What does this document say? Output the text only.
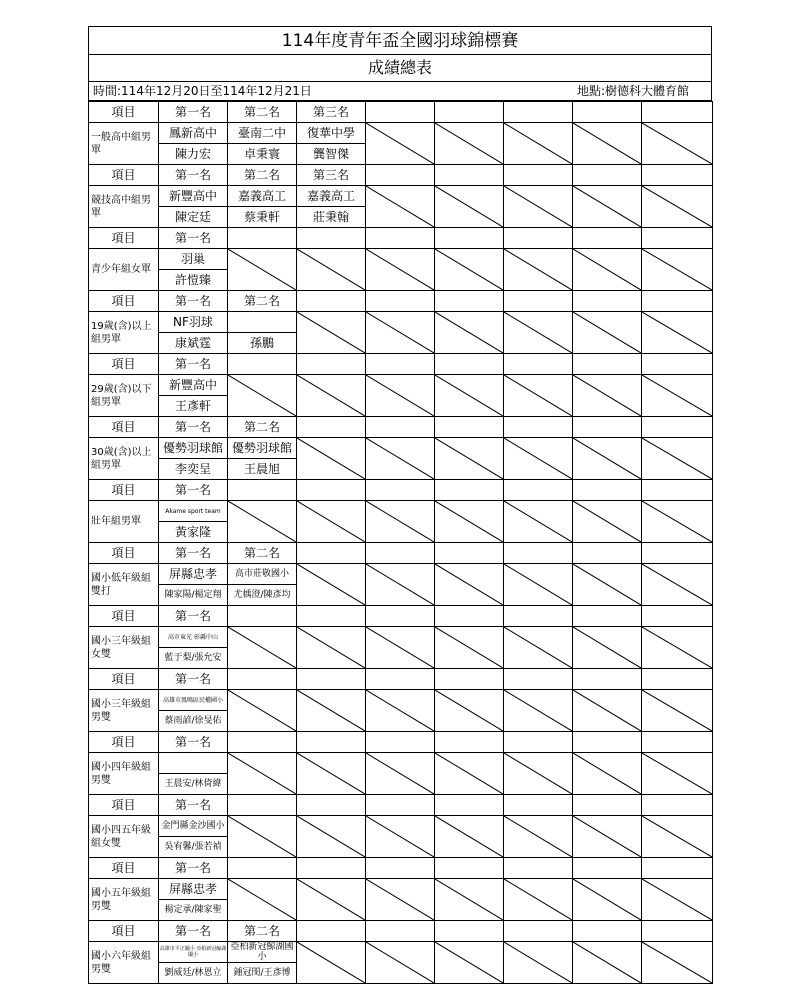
114年度青年盃全國羽球錦標賽
成績總表
時間:114年12月20日至114年12月21日	地點:樹德科大體育館
項目	第一名	第二名	第三名					
一般高中組男單	鳳新高中	臺南二中	復華中學	

	陳力宏	卓秉寰	龔智傑					
項目	第一名	第二名	第三名					
競技高中組男單	新豐高中	嘉義高工	嘉義高工	

	陳定廷	蔡秉軒	莊秉翰					
項目	第一名							
青少年組女單	羽巢	

	許愷臻							
項目	第一名	第二名						
19歲(含)以上組男單	NF羽球		

	康斌霆	孫鵬						
項目	第一名							
29歲(含)以下組男單	新豐高中	

	王彥軒							
項目	第一名	第二名						
30歲(含)以上組男單	優勢羽球館	優勢羽球館	

	李奕呈	王晨旭						
項目	第一名							
壯年組男單	Akame sport team	

	黃家隆							
項目	第一名	第二名						
國小低年級組雙打	屏縣忠孝	高市莊敬國小	

	陳家陽/楊定翔	尤楀澄/陳彥均						
項目	第一名							
國小三年級組女雙	高市東光 彰縣中山	

	藍于梨/張允安							
項目	第一名							
國小三年級組男雙	高雄市鳳鳴區民權國小	

	蔡雨諺/徐旻佑							
項目	第一名							
國小四年級組男雙		

	王晨安/林倚緯							
項目	第一名							
國小四五年級組女雙	金門縣金沙國小	

	吳宥馨/張若禎							
項目	第一名							
國小五年級組男雙	屏縣忠孝	

	楊定承/陳家聖							
項目	第一名	第二名						
國小六年級組男雙	高雄市平正國小 亞柏新冠鯨湖國小	亞柏新冠鯨湖國小	

	劉威廷/林恩立	鍾冠閔/王彥博						
